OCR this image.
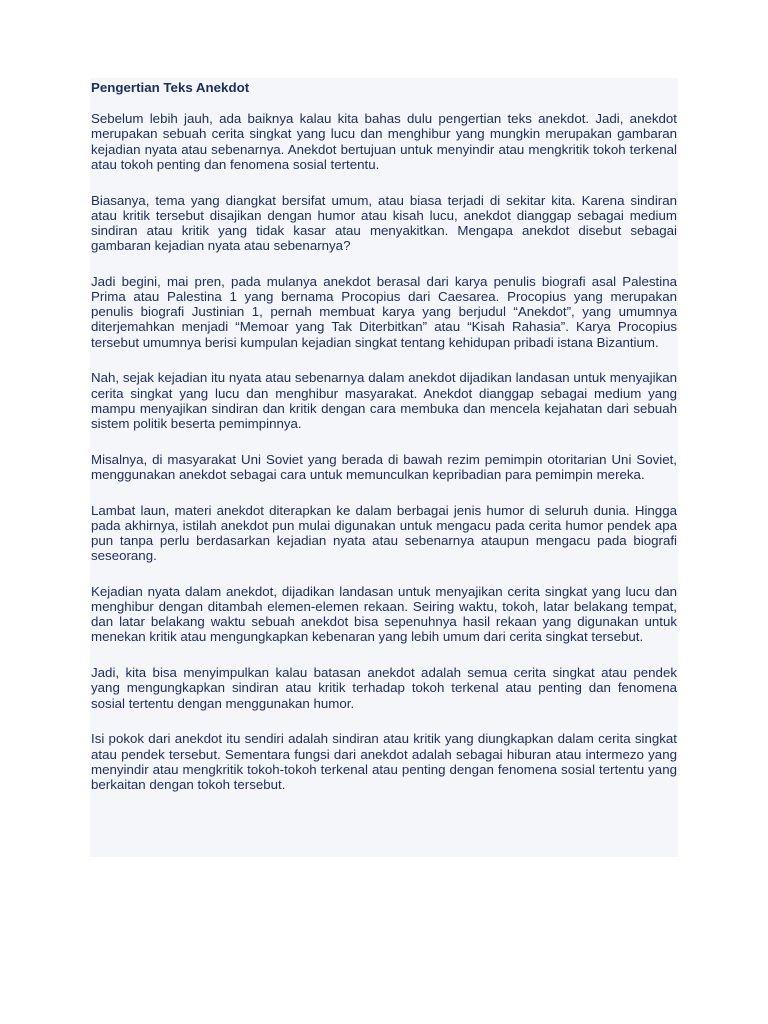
Pengertian Teks Anekdot

Sebelum lebih jauh, ada baiknya kalau kita bahas dulu pengertian teks anekdot. Jadi, anekdot merupakan sebuah cerita singkat yang lucu dan menghibur yang mungkin merupakan gambaran kejadian nyata atau sebenarnya. Anekdot bertujuan untuk menyindir atau mengkritik tokoh terkenal atau tokoh penting dan fenomena sosial tertentu.

Biasanya, tema yang diangkat bersifat umum, atau biasa terjadi di sekitar kita. Karena sindiran atau kritik tersebut disajikan dengan humor atau kisah lucu, anekdot dianggap sebagai medium sindiran atau kritik yang tidak kasar atau menyakitkan. Mengapa anekdot disebut sebagai gambaran kejadian nyata atau sebenarnya?

Jadi begini, mai pren, pada mulanya anekdot berasal dari karya penulis biografi asal Palestina Prima atau Palestina 1 yang bernama Procopius dari Caesarea. Procopius yang merupakan penulis biografi Justinian 1, pernah membuat karya yang berjudul “Anekdot”, yang umumnya diterjemahkan menjadi “Memoar yang Tak Diterbitkan” atau “Kisah Rahasia”. Karya Procopius tersebut umumnya berisi kumpulan kejadian singkat tentang kehidupan pribadi istana Bizantium.

Nah, sejak kejadian itu nyata atau sebenarnya dalam anekdot dijadikan landasan untuk menyajikan cerita singkat yang lucu dan menghibur masyarakat. Anekdot dianggap sebagai medium yang mampu menyajikan sindiran dan kritik dengan cara membuka dan mencela kejahatan dari sebuah sistem politik beserta pemimpinnya.

Misalnya, di masyarakat Uni Soviet yang berada di bawah rezim pemimpin otoritarian Uni Soviet, menggunakan anekdot sebagai cara untuk memunculkan kepribadian para pemimpin mereka.

Lambat laun, materi anekdot diterapkan ke dalam berbagai jenis humor di seluruh dunia. Hingga pada akhirnya, istilah anekdot pun mulai digunakan untuk mengacu pada cerita humor pendek apa pun tanpa perlu berdasarkan kejadian nyata atau sebenarnya ataupun mengacu pada biografi seseorang.

Kejadian nyata dalam anekdot, dijadikan landasan untuk menyajikan cerita singkat yang lucu dan menghibur dengan ditambah elemen-elemen rekaan. Seiring waktu, tokoh, latar belakang tempat, dan latar belakang waktu sebuah anekdot bisa sepenuhnya hasil rekaan yang digunakan untuk menekan kritik atau mengungkapkan kebenaran yang lebih umum dari cerita singkat tersebut.

Jadi, kita bisa menyimpulkan kalau batasan anekdot adalah semua cerita singkat atau pendek yang mengungkapkan sindiran atau kritik terhadap tokoh terkenal atau penting dan fenomena sosial tertentu dengan menggunakan humor.

Isi pokok dari anekdot itu sendiri adalah sindiran atau kritik yang diungkapkan dalam cerita singkat atau pendek tersebut. Sementara fungsi dari anekdot adalah sebagai hiburan atau intermezo yang menyindir atau mengkritik tokoh-tokoh terkenal atau penting dengan fenomena sosial tertentu yang berkaitan dengan tokoh tersebut.
